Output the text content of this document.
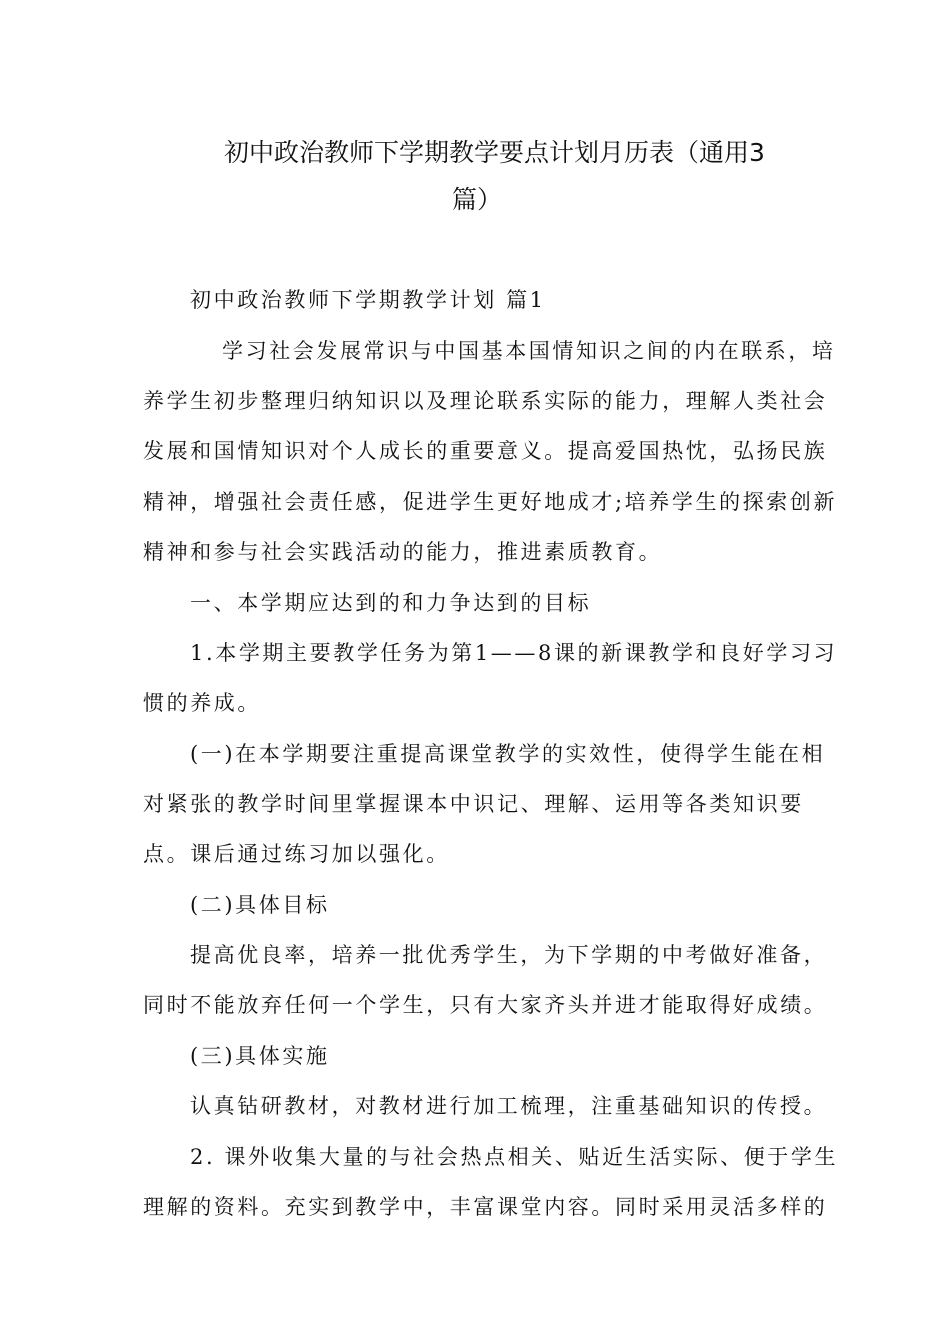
初中政治教师下学期教学要点计划月历表（通用3
篇）
初中政治教师下学期教学计划 篇1
学习社会发展常识与中国基本国情知识之间的内在联系，培
养学生初步整理归纳知识以及理论联系实际的能力，理解人类社会
发展和国情知识对个人成长的重要意义。提高爱国热忱，弘扬民族
精神，增强社会责任感，促进学生更好地成才;培养学生的探索创新
精神和参与社会实践活动的能力，推进素质教育。
一、本学期应达到的和力争达到的目标
1.本学期主要教学任务为第1——8课的新课教学和良好学习习
惯的养成。
(一)在本学期要注重提高课堂教学的实效性，使得学生能在相
对紧张的教学时间里掌握课本中识记、理解、运用等各类知识要
点。课后通过练习加以强化。
(二)具体目标
提高优良率，培养一批优秀学生，为下学期的中考做好准备，
同时不能放弃任何一个学生，只有大家齐头并进才能取得好成绩。
(三)具体实施
认真钻研教材，对教材进行加工梳理，注重基础知识的传授。
2. 课外收集大量的与社会热点相关、贴近生活实际、便于学生
理解的资料。充实到教学中，丰富课堂内容。同时采用灵活多样的
